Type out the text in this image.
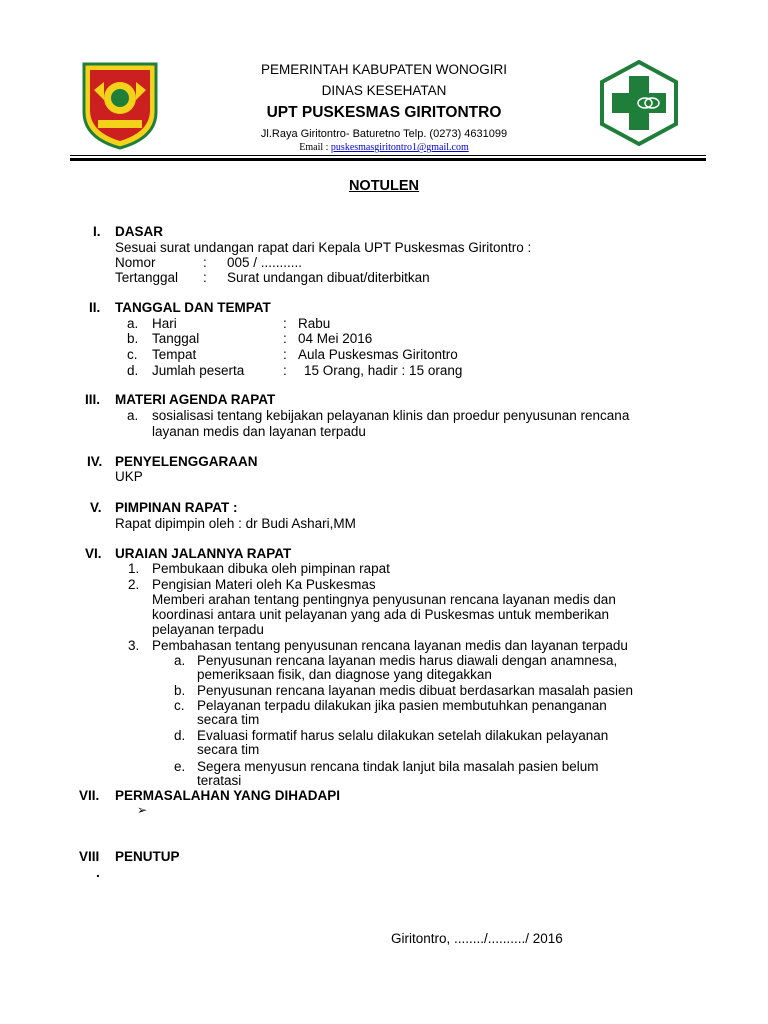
PEMERINTAH KABUPATEN WONOGIRI
DINAS KESEHATAN
UPT PUSKESMAS GIRITONTRO
Jl.Raya Giritontro- Baturetno Telp. (0273) 4631099
Email : puskesmasgiritontro1@gmail.com
NOTULEN
I. DASAR
Sesuai surat undangan rapat dari Kepala UPT Puskesmas Giritontro :
Nomor	: 005 / ...........
Tertanggal : Surat undangan dibuat/diterbitkan
II. TANGGAL DAN TEMPAT
a. Hari	: Rabu
b. Tanggal	: 04 Mei 2016
c. Tempat	: Aula Puskesmas Giritontro
d. Jumlah peserta	: 15 Orang, hadir : 15 orang
III. MATERI AGENDA RAPAT
a. sosialisasi tentang kebijakan pelayanan klinis dan proedur penyusunan rencana
layanan medis dan layanan terpadu
IV. PENYELENGGARAAN
UKP
V. PIMPINAN RAPAT :
Rapat dipimpin oleh : dr Budi Ashari,MM
VI. URAIAN JALANNYA RAPAT
1. Pembukaan dibuka oleh pimpinan rapat
2. Pengisian Materi oleh Ka Puskesmas
Memberi arahan tentang pentingnya penyusunan rencana layanan medis dan
koordinasi antara unit pelayanan yang ada di Puskesmas untuk memberikan
pelayanan terpadu
3. Pembahasan tentang penyusunan rencana layanan medis dan layanan terpadu
a. Penyusunan rencana layanan medis harus diawali dengan anamnesa,
pemeriksaan fisik, dan diagnose yang ditegakkan
b. Penyusunan rencana layanan medis dibuat berdasarkan masalah pasien
c. Pelayanan terpadu dilakukan jika pasien membutuhkan penanganan
secara tim
d. Evaluasi formatif harus selalu dilakukan setelah dilakukan pelayanan
secara tim
e. Segera menyusun rencana tindak lanjut bila masalah pasien belum
teratasi
VII. PERMASALAHAN YANG DIHADAPI
➢
VIII PENUTUP
.
Giritontro, ......../........../ 2016
